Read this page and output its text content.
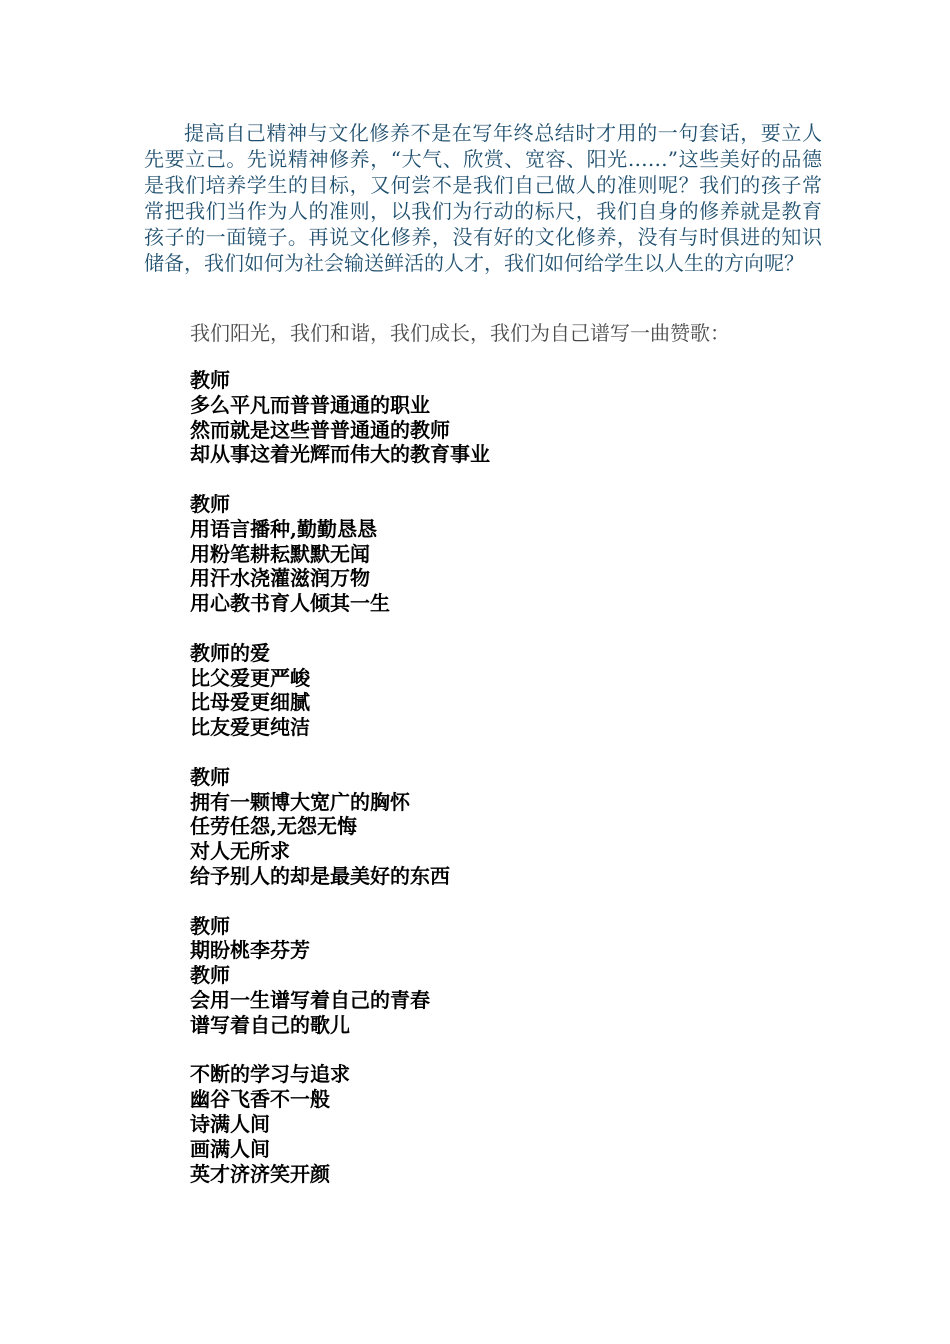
提高自己精神与文化修养不是在写年终总结时才用的一句套话，要立人先要立己。先说精神修养，“大气、欣赏、宽容、阳光……”这些美好的品德是我们培养学生的目标，又何尝不是我们自己做人的准则呢？我们的孩子常常把我们当作为人的准则，以我们为行动的标尺，我们自身的修养就是教育孩子的一面镜子。再说文化修养，没有好的文化修养，没有与时俱进的知识储备，我们如何为社会输送鲜活的人才，我们如何给学生以人生的方向呢？

我们阳光，我们和谐，我们成长，我们为自己谱写一曲赞歌：
教师
多么平凡而普普通通的职业
然而就是这些普普通通的教师
却从事这着光辉而伟大的教育事业
教师
用语言播种,勤勤恳恳
用粉笔耕耘默默无闻
用汗水浇灌滋润万物
用心教书育人倾其一生
教师的爱
比父爱更严峻
比母爱更细腻
比友爱更纯洁
教师
拥有一颗博大宽广的胸怀
任劳任怨,无怨无悔
对人无所求
给予别人的却是最美好的东西
教师
期盼桃李芬芳
教师
会用一生谱写着自己的青春
谱写着自己的歌儿
不断的学习与追求
幽谷飞香不一般
诗满人间
画满人间
英才济济笑开颜
